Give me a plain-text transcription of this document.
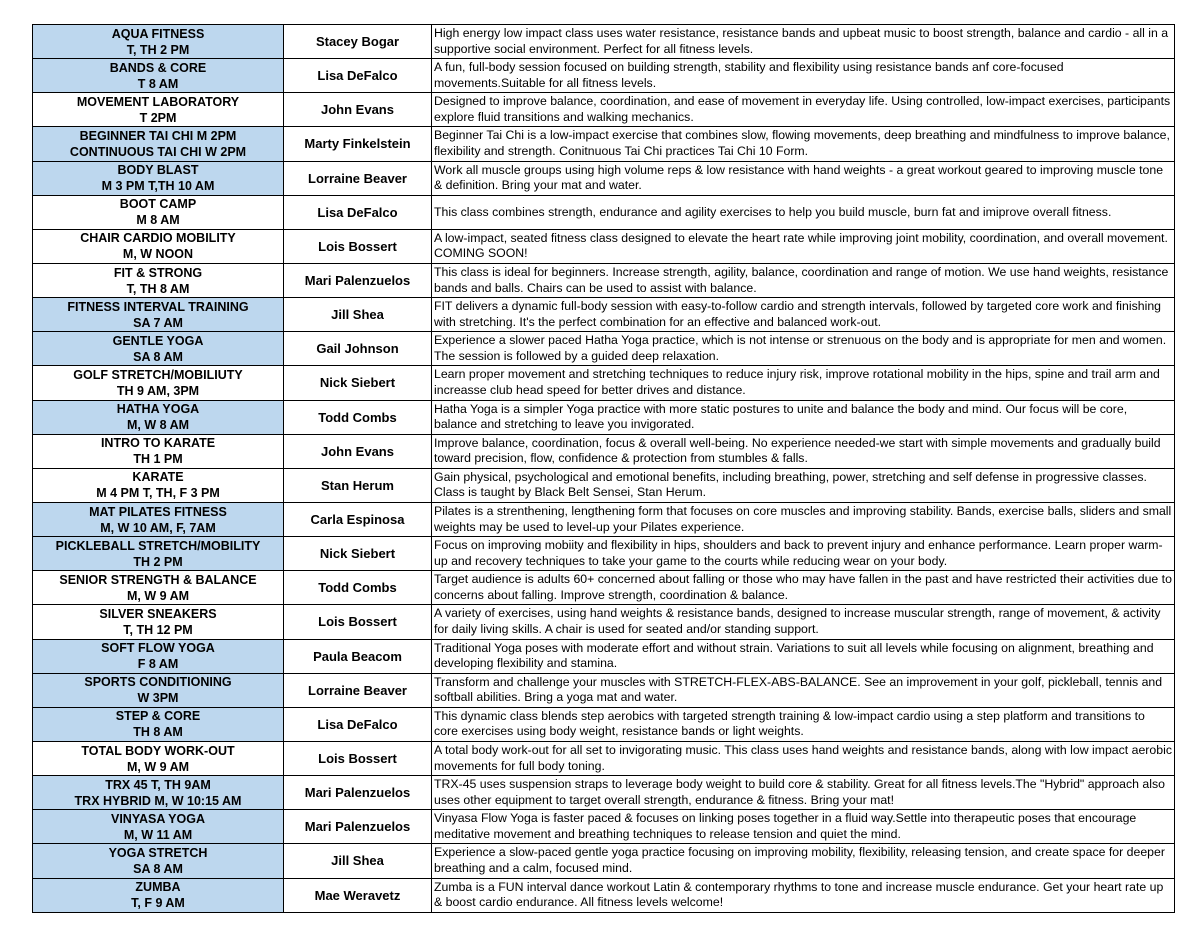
AQUA FITNESS
T, TH 2 PM	Stacey Bogar	High energy low impact class uses water resistance, resistance bands and upbeat music to boost strength, balance and cardio - all in a supportive social environment. Perfect for all fitness levels.

BANDS & CORE
T 8 AM	Lisa DeFalco	A fun, full-body session focused on building strength, stability and flexibility using resistance bands anf core-focused movements.Suitable for all fitness levels.

MOVEMENT LABORATORY
T 2PM	John Evans	Designed to improve balance, coordination, and ease of movement in everyday life. Using controlled, low-impact exercises, participants explore fluid transitions and walking mechanics.

BEGINNER TAI CHI M 2PM
CONTINUOUS TAI CHI W 2PM	Marty Finkelstein	Beginner Tai Chi is a low-impact exercise that combines slow, flowing movements, deep breathing and mindfulness to improve balance, flexibility and strength. Conitnuous Tai Chi practices Tai Chi 10 Form.

BODY BLAST
M 3 PM T,TH 10 AM	Lorraine Beaver	Work all muscle groups using high volume reps & low resistance with hand weights - a great workout geared to improving muscle tone & definition. Bring your mat and water.

BOOT CAMP
M 8 AM	Lisa DeFalco	This class combines strength, endurance and agility exercises to help you build muscle, burn fat and imiprove overall fitness.

CHAIR CARDIO MOBILITY
M, W NOON	Lois Bossert	A low-impact, seated fitness class designed to elevate the heart rate while improving joint mobility, coordination, and overall movement. COMING SOON!

FIT & STRONG
T, TH 8 AM	Mari Palenzuelos	This class is ideal for beginners. Increase strength, agility, balance, coordination and range of motion. We use hand weights, resistance bands and balls. Chairs can be used to assist with balance.

FITNESS INTERVAL TRAINING
SA 7 AM	Jill Shea	FIT delivers a dynamic full-body session with easy-to-follow cardio and strength intervals, followed by targeted core work and finishing with stretching. It's the perfect combination for an effective and balanced work-out.

GENTLE YOGA
SA 8 AM	Gail Johnson	Experience a slower paced Hatha Yoga practice, which is not intense or strenuous on the body and is appropriate for men and women. The session is followed by a guided deep relaxation.

GOLF STRETCH/MOBILIUTY
TH 9 AM, 3PM	Nick Siebert	Learn proper movement and stretching techniques to reduce injury risk, improve rotational mobility in the hips, spine and trail arm and increasse club head speed for better drives and distance.

HATHA YOGA
M, W 8 AM	Todd Combs	Hatha Yoga is a simpler Yoga practice with more static postures to unite and balance the body and mind. Our focus will be core, balance and stretching to leave you invigorated.

INTRO TO KARATE
TH 1 PM	John Evans	Improve balance, coordination, focus & overall well-being. No experience needed-we start with simple movements and gradually build toward precision, flow, confidence & protection from stumbles & falls.

KARATE
M 4 PM T, TH, F 3 PM	Stan Herum	Gain physical, psychological and emotional benefits, including breathing, power, stretching and self defense in progressive classes. Class is taught by Black Belt Sensei, Stan Herum.

MAT PILATES FITNESS
M, W 10 AM, F, 7AM	Carla Espinosa	Pilates is a strenthening, lengthening form that focuses on core muscles and improving stability. Bands, exercise balls, sliders and small weights may be used to level-up your Pilates experience.

PICKLEBALL STRETCH/MOBILITY
TH 2 PM	Nick Siebert	Focus on improving mobiity and flexibility in hips, shoulders and back to prevent injury and enhance performance. Learn proper warm-up and recovery techniques to take your game to the courts while reducing wear on your body.

SENIOR STRENGTH & BALANCE
M, W 9 AM	Todd Combs	Target audience is adults 60+ concerned about falling or those who may have fallen in the past and have restricted their activities due to concerns about falling. Improve strength, coordination & balance.

SILVER SNEAKERS
T, TH 12 PM	Lois Bossert	A variety of exercises, using hand weights & resistance bands, designed to increase muscular strength, range of movement, & activity for daily living skills. A chair is used for seated and/or standing support.

SOFT FLOW YOGA
F 8 AM	Paula Beacom	Traditional Yoga poses with moderate effort and without strain. Variations to suit all levels while focusing on alignment, breathing and developing flexibility and stamina.

SPORTS CONDITIONING
W 3PM	Lorraine Beaver	Transform and challenge your muscles with STRETCH-FLEX-ABS-BALANCE. See an improvement in your golf, pickleball, tennis and softball abilities. Bring a yoga mat and water.

STEP & CORE
TH 8 AM	Lisa DeFalco	This dynamic class blends step aerobics with targeted strength training & low-impact cardio using a step platform and transitions to core exercises using body weight, resistance bands or light weights.

TOTAL BODY WORK-OUT
M, W 9 AM	Lois Bossert	A total body work-out for all set to invigorating music. This class uses hand weights and resistance bands, along with low impact aerobic movements for full body toning.

TRX 45 T, TH 9AM
TRX HYBRID M, W 10:15 AM	Mari Palenzuelos	TRX-45 uses suspension straps to leverage body weight to build core & stability. Great for all fitness levels.The "Hybrid" approach also uses other equipment to target overall strength, endurance & fitness. Bring your mat!

VINYASA YOGA
M, W 11 AM	Mari Palenzuelos	Vinyasa Flow Yoga is faster paced & focuses on linking poses together in a fluid way.Settle into therapeutic poses that encourage meditative movement and breathing techniques to release tension and quiet the mind.

YOGA STRETCH
SA 8 AM	Jill Shea	Experience a slow-paced gentle yoga practice focusing on improving mobility, flexibility, releasing tension, and create space for deeper breathing and a calm, focused mind.

ZUMBA
T, F 9 AM	Mae Weravetz	Zumba is a FUN interval dance workout Latin & contemporary rhythms to tone and increase muscle endurance. Get your heart rate up & boost cardio endurance. All fitness levels welcome!
